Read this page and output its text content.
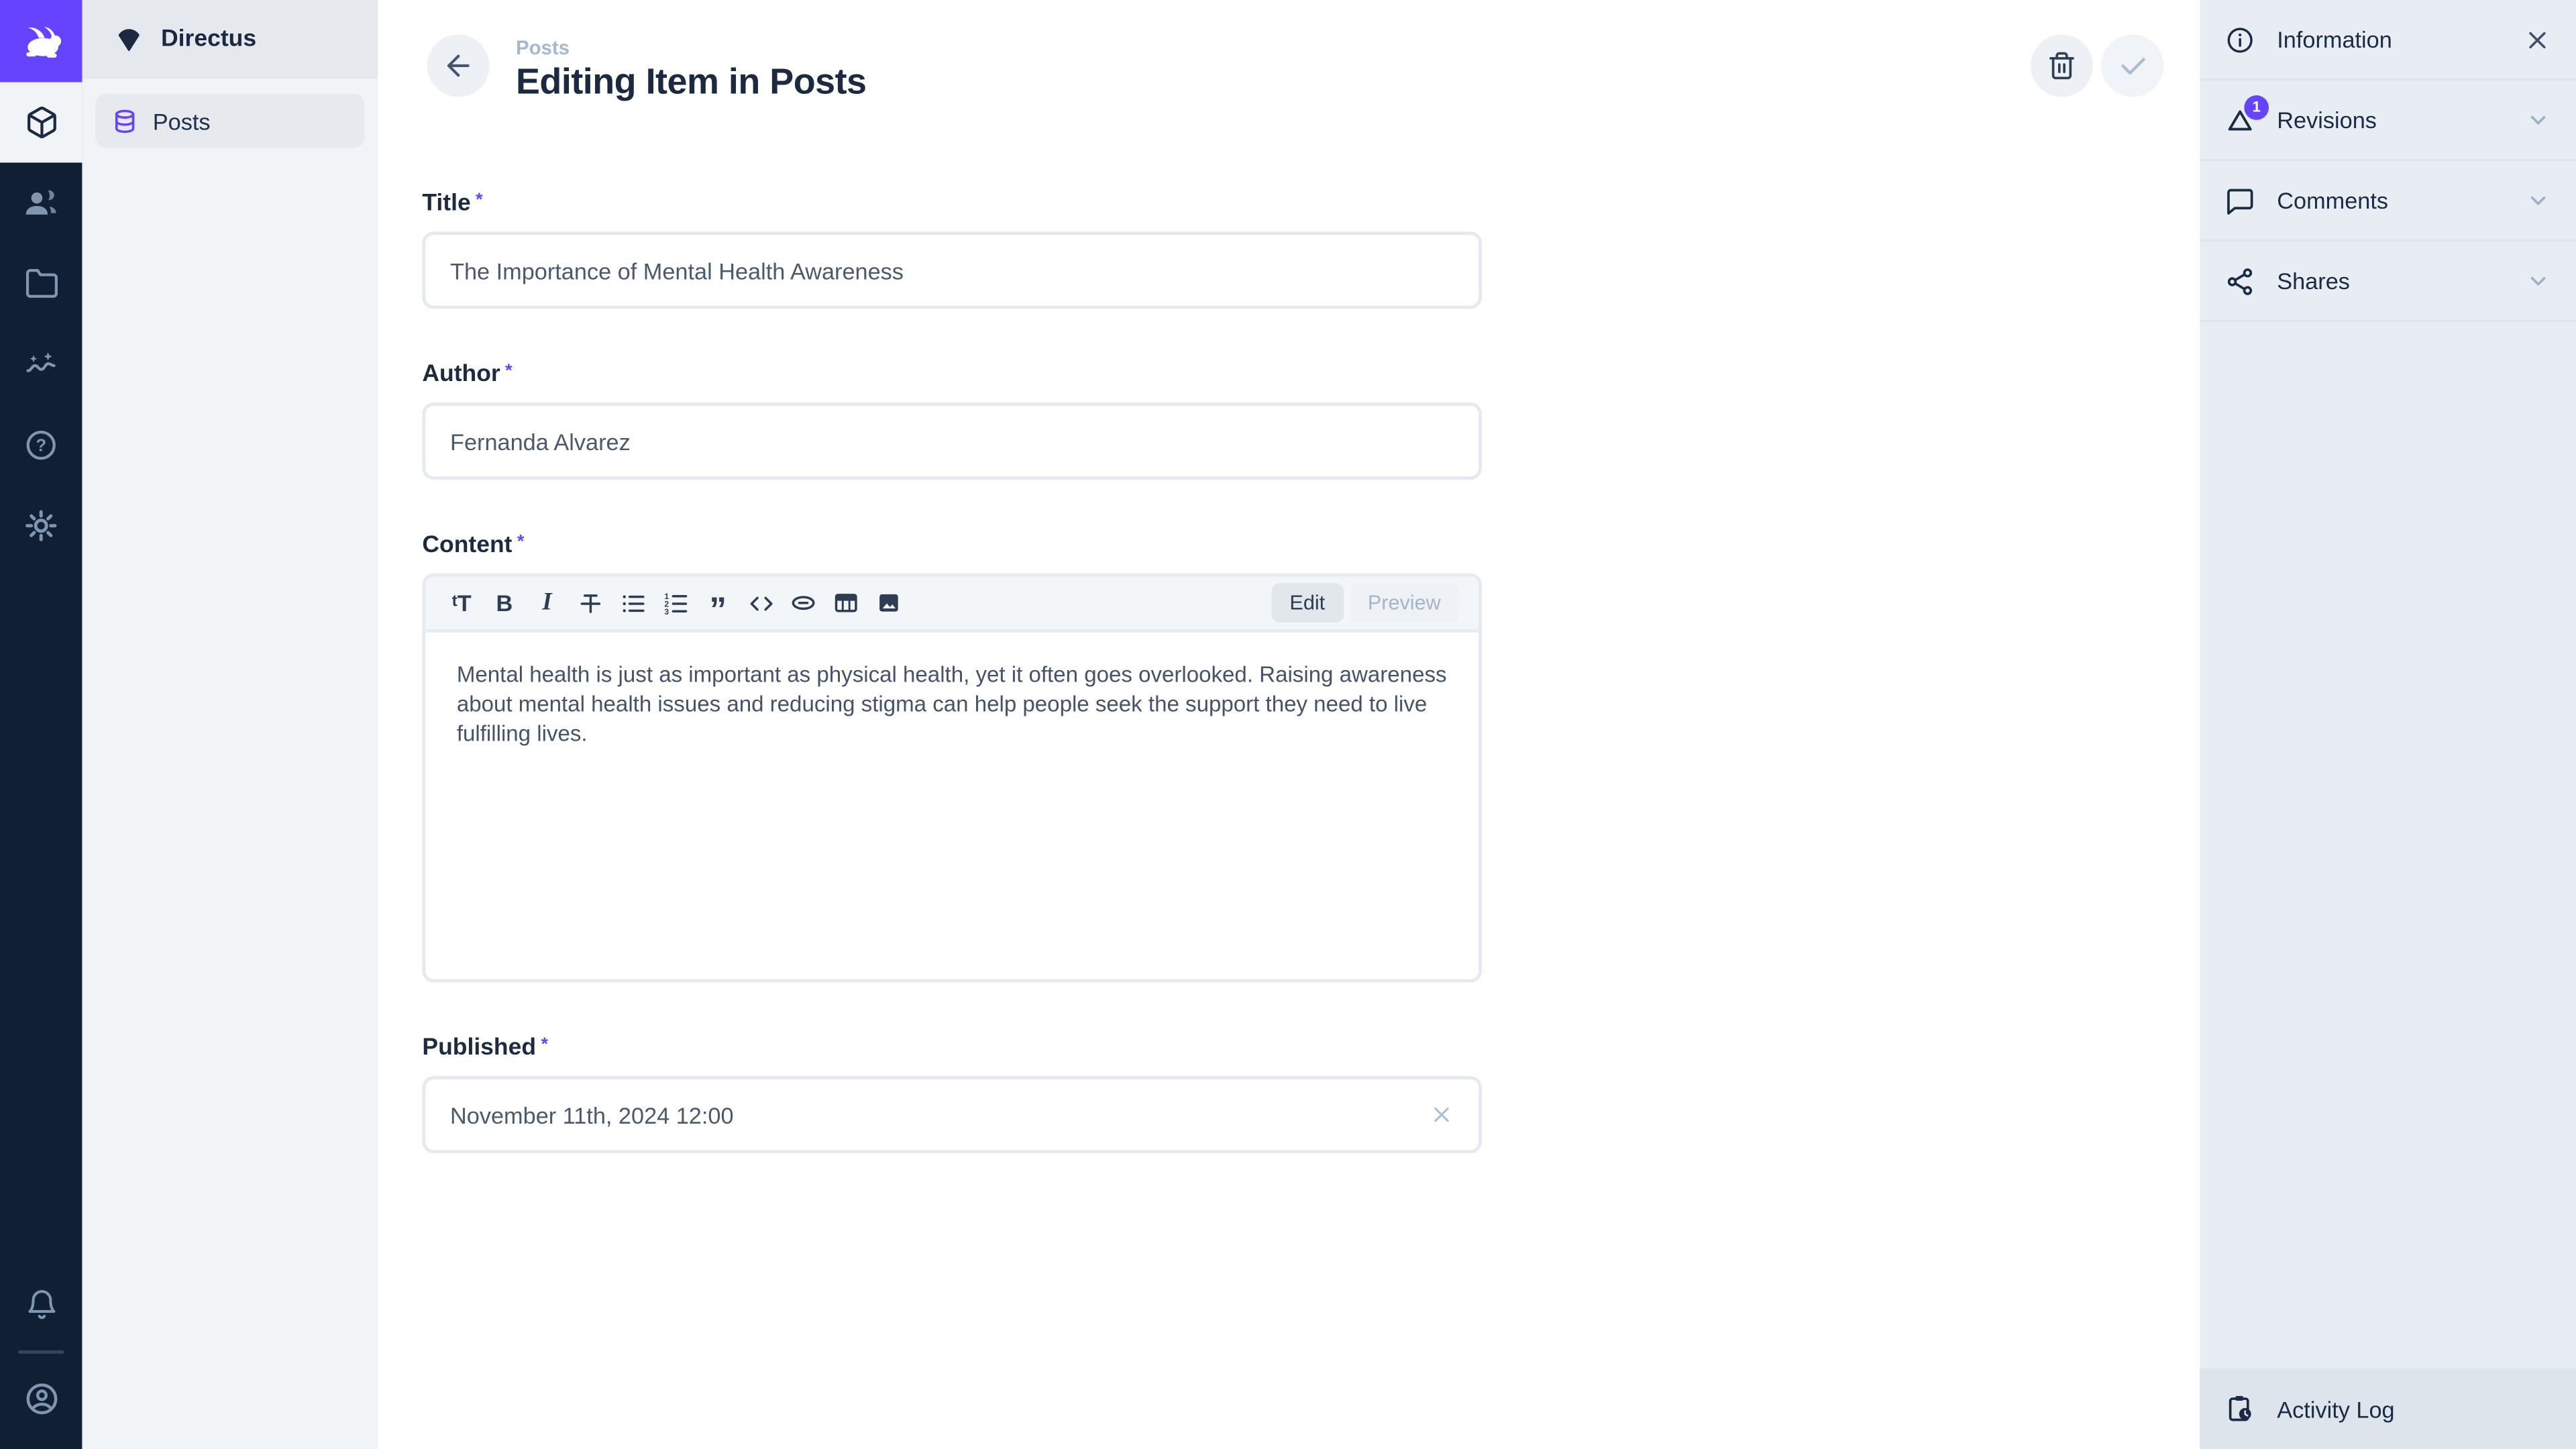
?
Directus
Posts
Posts
Editing Item in Posts
Title *
The Importance of Mental Health Awareness
Author *
Fernanda Alvarez
Content *
t T	B	I	1
2
3	”	Edit	Preview
Mental health is just as important as physical health, yet it often goes overlooked. Raising awareness about mental health issues and reducing stigma can help people seek the support they need to live fulfilling lives.
Published *
November 11th, 2024 12:00
Information
1	Revisions
Comments
Shares
Activity Log
